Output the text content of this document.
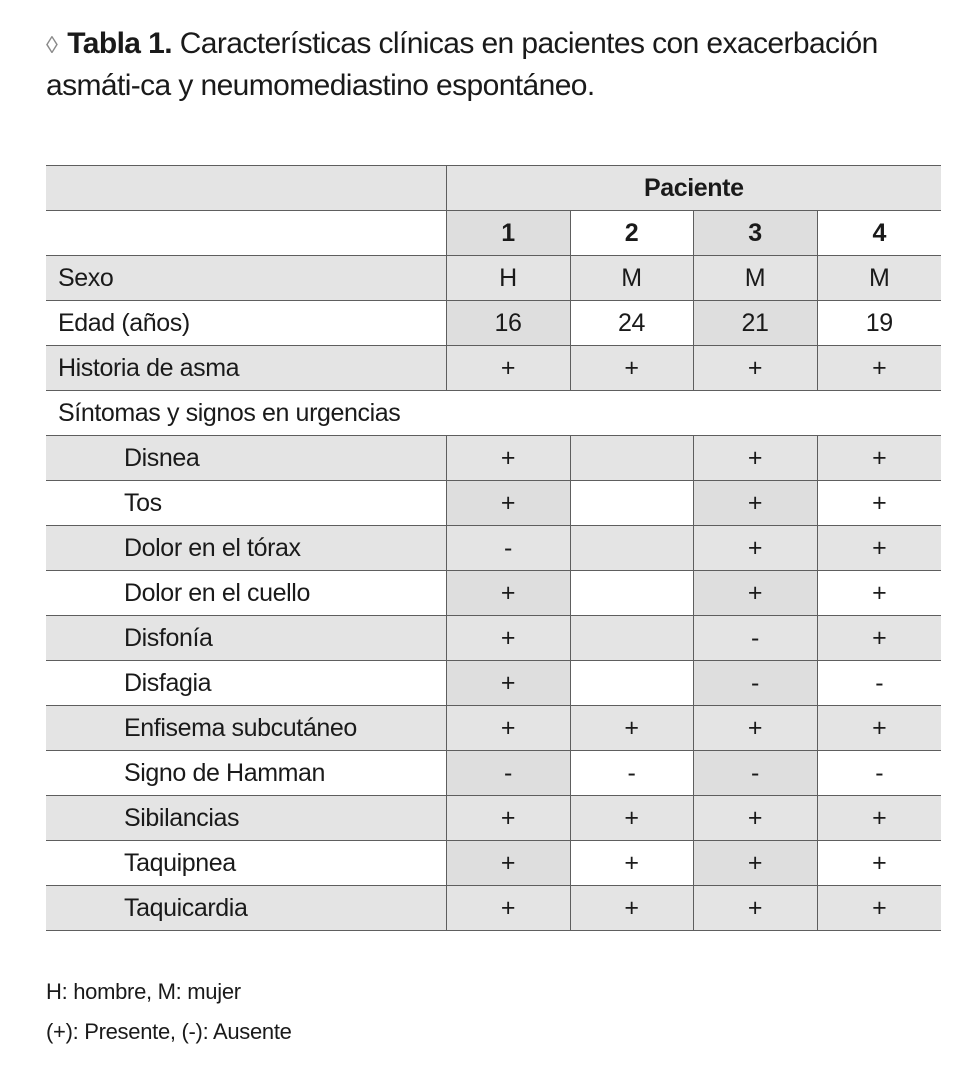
◊ Tabla 1. Características clínicas en pacientes con exacerbación asmáti-ca y neumomediastino espontáneo.
	Paciente			
	1	2	3	4
Sexo	H	M	M	M
Edad (años)	16	24	21	19
Historia de asma	+	+	+	+
Síntomas y signos en urgencias				
Disnea	+		+	+
Tos	+		+	+
Dolor en el tórax	-		+	+
Dolor en el cuello	+		+	+
Disfonía	+		-	+
Disfagia	+		-	-
Enfisema subcutáneo	+	+	+	+
Signo de Hamman	-	-	-	-
Sibilancias	+	+	+	+
Taquipnea	+	+	+	+
Taquicardia	+	+	+	+
H: hombre, M: mujer
(+): Presente, (-): Ausente
